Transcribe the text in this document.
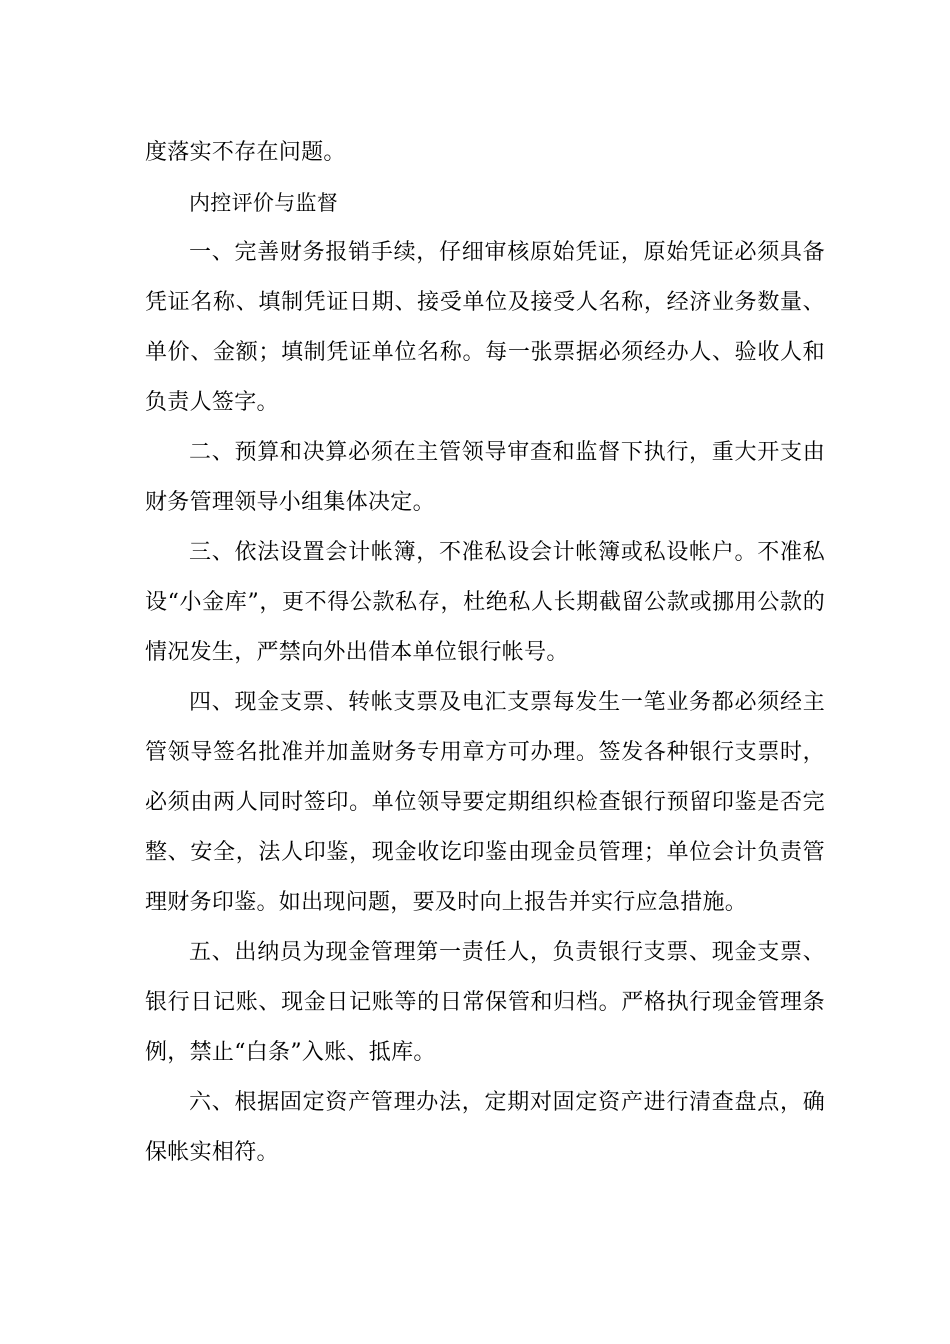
度落实不存在问题。

内控评价与监督

一、完善财务报销手续，仔细审核原始凭证，原始凭证必须具备凭证名称、填制凭证日期、接受单位及接受人名称，经济业务数量、单价、金额；填制凭证单位名称。每一张票据必须经办人、验收人和负责人签字。

二、预算和决算必须在主管领导审查和监督下执行，重大开支由财务管理领导小组集体决定。

三、依法设置会计帐簿，不准私设会计帐簿或私设帐户。不准私设“小金库”，更不得公款私存，杜绝私人长期截留公款或挪用公款的情况发生，严禁向外出借本单位银行帐号。

四、现金支票、转帐支票及电汇支票每发生一笔业务都必须经主管领导签名批准并加盖财务专用章方可办理。签发各种银行支票时，必须由两人同时签印。单位领导要定期组织检查银行预留印鉴是否完整、安全，法人印鉴，现金收讫印鉴由现金员管理；单位会计负责管理财务印鉴。如出现问题，要及时向上报告并实行应急措施。

五、出纳员为现金管理第一责任人，负责银行支票、现金支票、银行日记账、现金日记账等的日常保管和归档。严格执行现金管理条例，禁止“白条”入账、抵库。

六、根据固定资产管理办法，定期对固定资产进行清查盘点，确保帐实相符。
